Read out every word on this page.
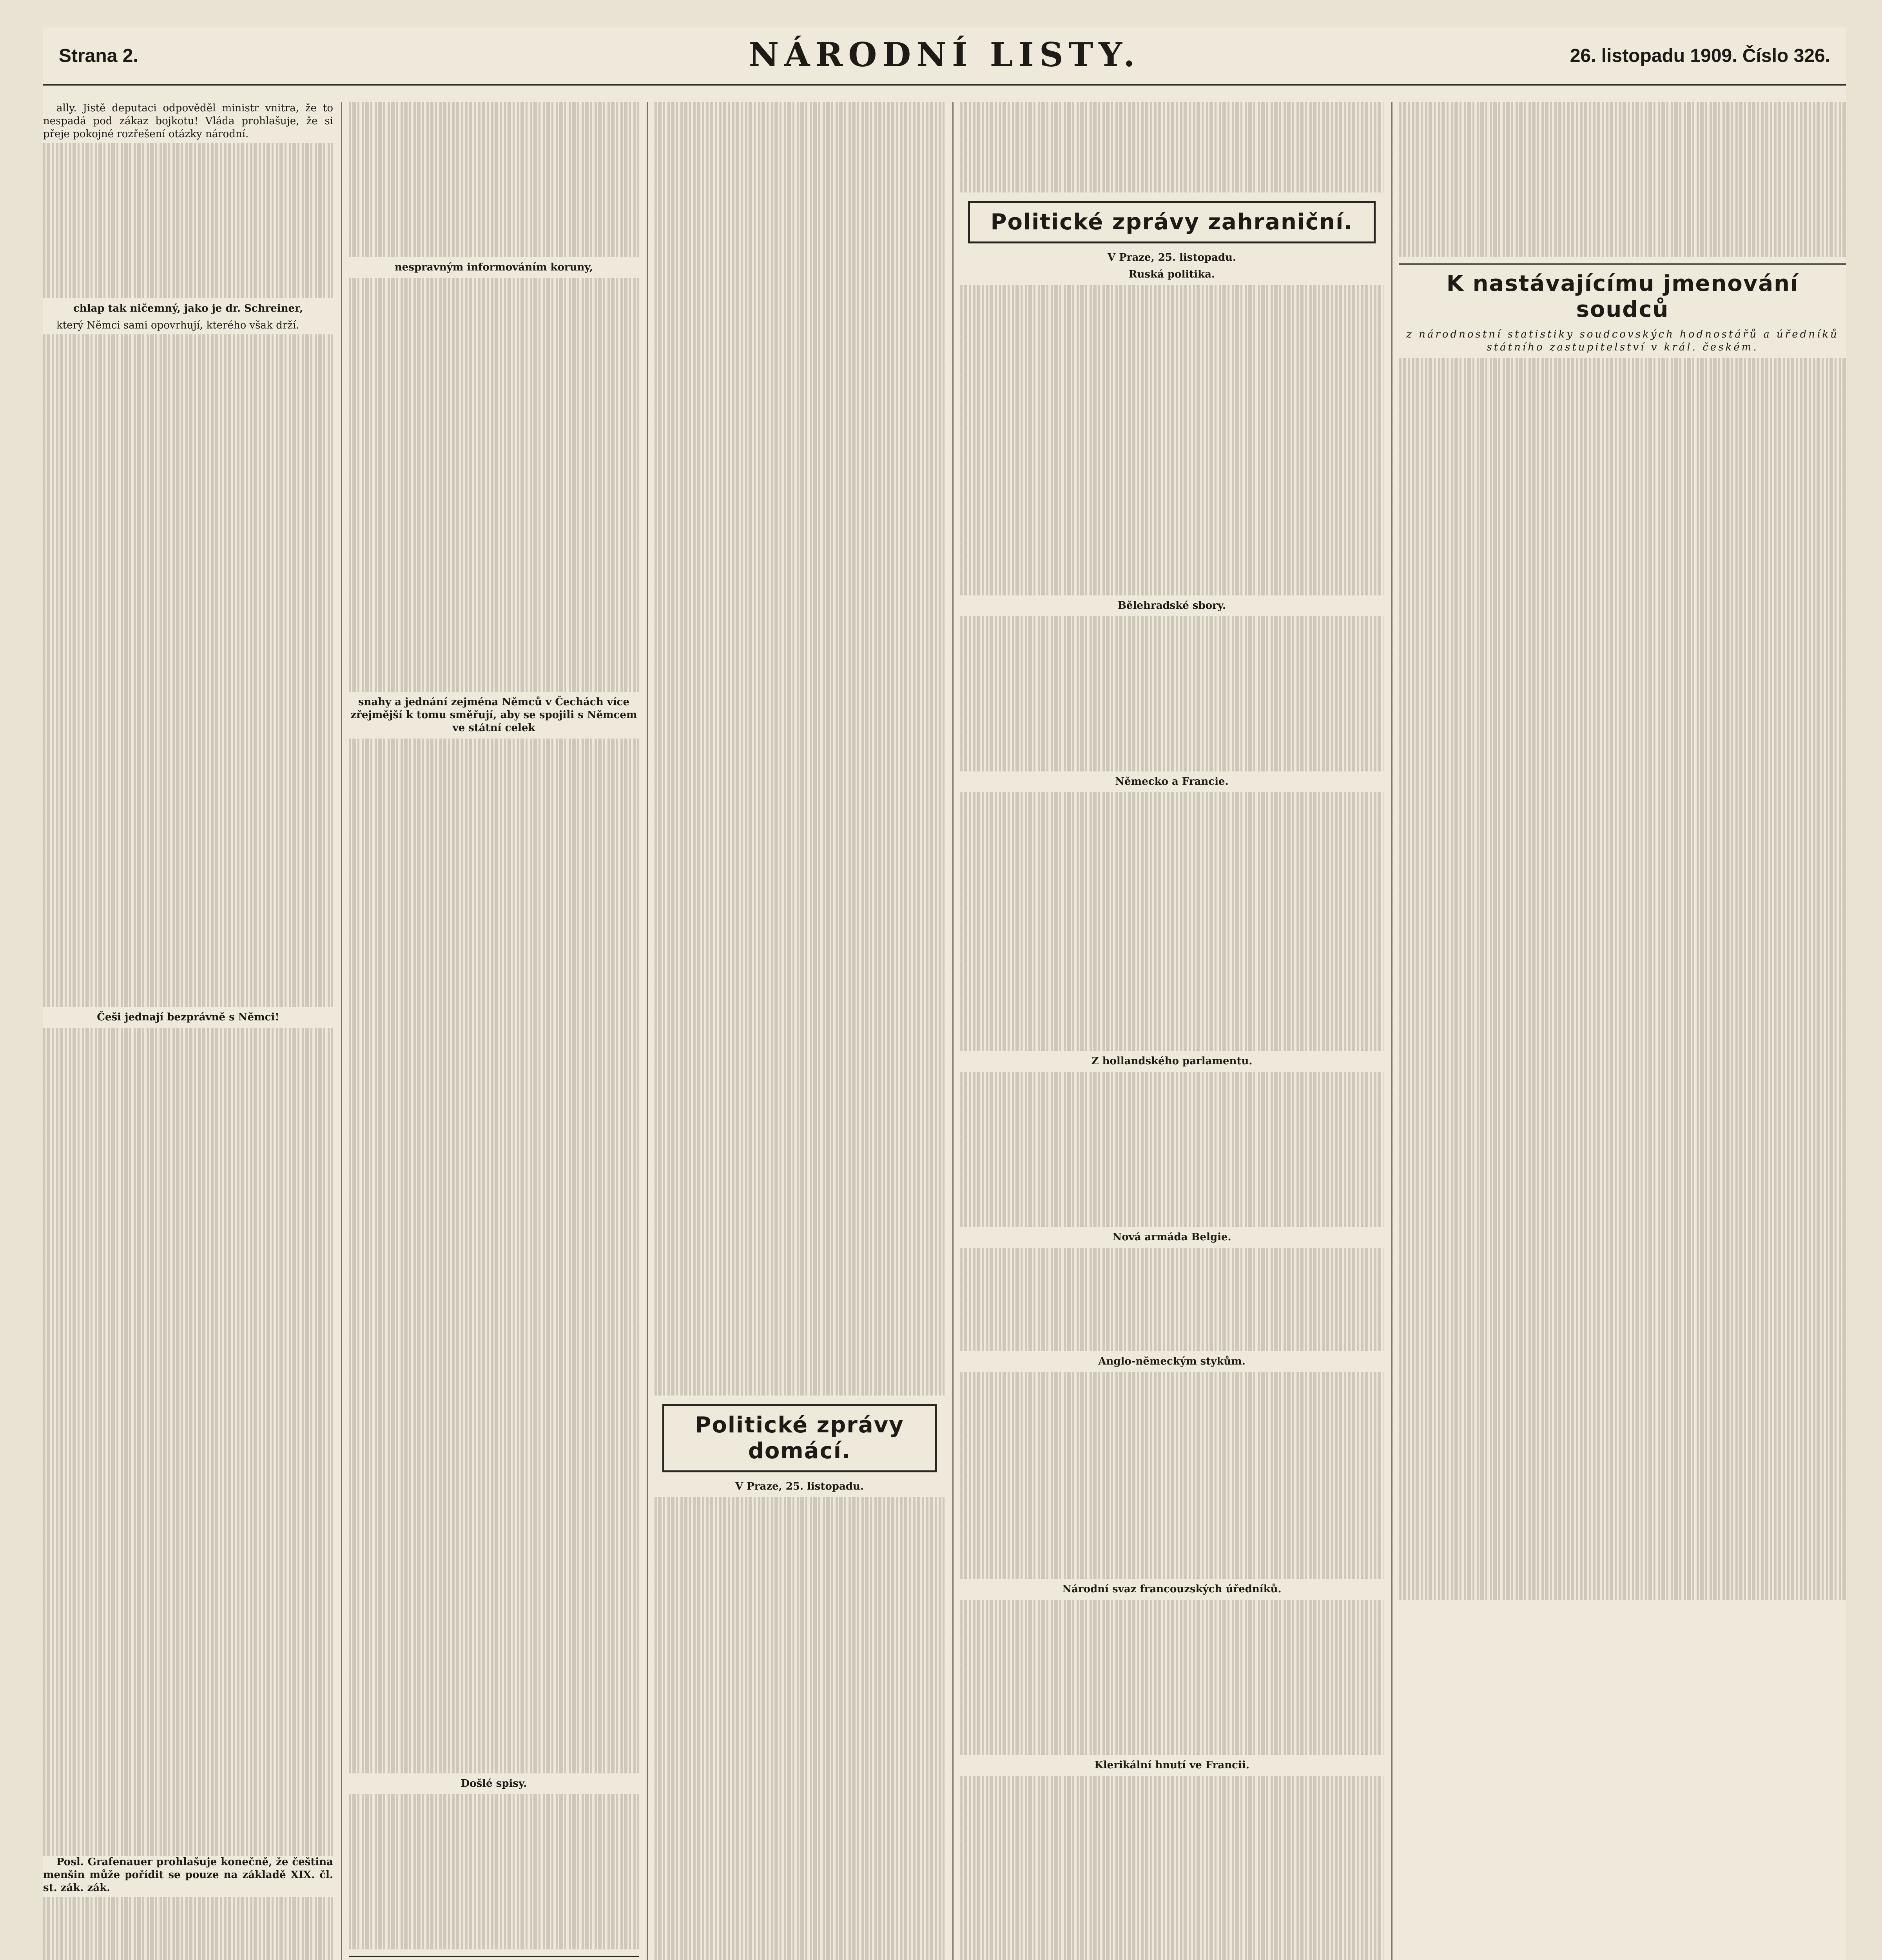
Strana 2.	NÁRODNÍ LISTY.	26. listopadu 1909. Číslo 326.

ally. Jistě deputaci odpověděl ministr vnitra, že to nespadá pod zákaz bojkotu! Vláda prohlašuje, že si přeje pokojné rozřešení otázky národní.

chlap tak ničemný, jako je dr. Schreiner,

který Němci sami opovrhují, kterého však drží.

Češi jednají bezprávně s Němci!

Posl. Grafenauer prohlašuje konečně, že čeština menšin může pořídit se pouze na základě XIX. čl. st. zák. zák.

nespravným informováním koruny,

snahy a jednání zejména Němců v Čechách více zřejmější k tomu směřují, aby se spojili s Němcem ve státní celek

Došlé spisy.

Politické zprávy domácí.

V Praze, 25. listopadu.

Politické zprávy zahraniční.

V Praze, 25. listopadu.

Ruská politika.

Bělehradské sbory.

Německo a Francie.

Z hollandského parlamentu.

Nová armáda Belgie.

Anglo-německým stykům.

Národní svaz francouzských úředníků.

Klerikální hnutí ve Francii.

K nastávajícímu jmenování soudců

z národnostní statistiky soudcovských hodnostářů a úředníků státního zastupitelství v král. českém.
